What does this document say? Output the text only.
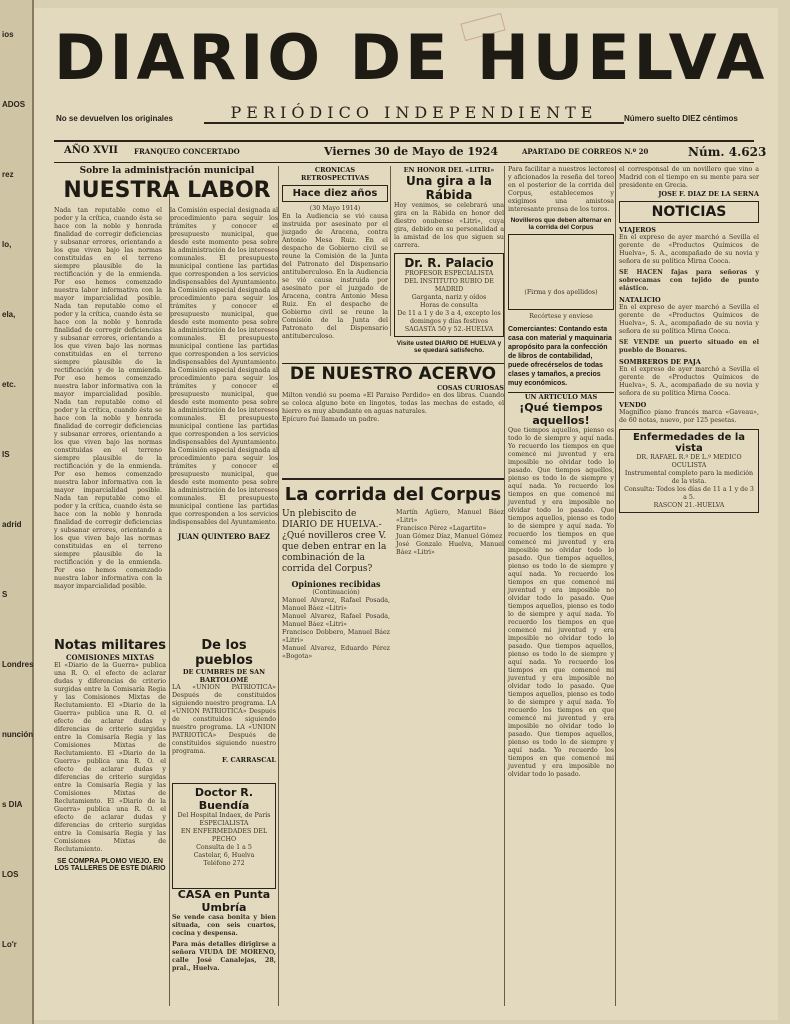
ios
ADOS
rez
lo,
ela,
etc.
IS
adrid
S
Londres
nunción
s DIA
LOS
Lo'r
DIARIO DE HUELVA
PERIÓDICO INDEPENDIENTE
No se devuelven los originales	Número suelto DIEZ céntimos
AÑO XVII FRANQUEO CONCERTADO	Viernes 30 de Mayo de 1924	APARTADO DE CORREOS N.º 20	Núm. 4.623
Sobre la administración municipal
NUESTRA LABOR
Nada tan reputable como el poder y la crítica, cuando ésta se hace con la noble y honrada finalidad de corregir deficiencias y subsanar errores, orientando a los que viven bajo las normas constituidas en el terreno siempre plausible de la rectificación y de la enmienda. Por eso hemos comenzado nuestra labor informativa con la mayor imparcialidad posible. Nada tan reputable como el poder y la crítica, cuando ésta se hace con la noble y honrada finalidad de corregir deficiencias y subsanar errores, orientando a los que viven bajo las normas constituidas en el terreno siempre plausible de la rectificación y de la enmienda. Por eso hemos comenzado nuestra labor informativa con la mayor imparcialidad posible. Nada tan reputable como el poder y la crítica, cuando ésta se hace con la noble y honrada finalidad de corregir deficiencias y subsanar errores, orientando a los que viven bajo las normas constituidas en el terreno siempre plausible de la rectificación y de la enmienda. Por eso hemos comenzado nuestra labor informativa con la mayor imparcialidad posible. Nada tan reputable como el poder y la crítica, cuando ésta se hace con la noble y honrada finalidad de corregir deficiencias y subsanar errores, orientando a los que viven bajo las normas constituidas en el terreno siempre plausible de la rectificación y de la enmienda. Por eso hemos comenzado nuestra labor informativa con la mayor imparcialidad posible.
la Comisión especial designada al procedimiento para seguir los trámites y conocer el presupuesto municipal, que desde este momento pesa sobre la administración de los intereses comunales. El presupuesto municipal contiene las partidas que corresponden a los servicios indispensables del Ayuntamiento. la Comisión especial designada al procedimiento para seguir los trámites y conocer el presupuesto municipal, que desde este momento pesa sobre la administración de los intereses comunales. El presupuesto municipal contiene las partidas que corresponden a los servicios indispensables del Ayuntamiento. la Comisión especial designada al procedimiento para seguir los trámites y conocer el presupuesto municipal, que desde este momento pesa sobre la administración de los intereses comunales. El presupuesto municipal contiene las partidas que corresponden a los servicios indispensables del Ayuntamiento. la Comisión especial designada al procedimiento para seguir los trámites y conocer el presupuesto municipal, que desde este momento pesa sobre la administración de los intereses comunales. El presupuesto municipal contiene las partidas que corresponden a los servicios indispensables del Ayuntamiento.
JUAN QUINTERO BAEZ
Notas militares
COMISIONES MIXTAS
El «Diario de la Guerra» publica una R. O. el efecto de aclarar dudas y diferencias de criterio surgidas entre la Comisaría Regia y las Comisiones Mixtas de Reclutamiento. El «Diario de la Guerra» publica una R. O. el efecto de aclarar dudas y diferencias de criterio surgidas entre la Comisaría Regia y las Comisiones Mixtas de Reclutamiento. El «Diario de la Guerra» publica una R. O. el efecto de aclarar dudas y diferencias de criterio surgidas entre la Comisaría Regia y las Comisiones Mixtas de Reclutamiento. El «Diario de la Guerra» publica una R. O. el efecto de aclarar dudas y diferencias de criterio surgidas entre la Comisaría Regia y las Comisiones Mixtas de Reclutamiento.
SE COMPRA PLOMO VIEJO. EN LOS TALLERES DE ESTE DIARIO
De los pueblos
DE CUMBRES DE SAN BARTOLOMÉ
LA «UNION PATRIOTICA» Después de constituidos siguiendo nuestro programa. LA «UNION PATRIOTICA» Después de constituidos siguiendo nuestro programa. LA «UNION PATRIOTICA» Después de constituidos siguiendo nuestro programa.
F. CARRASCAL
Doctor R. Buendía
Del Hospital Indaex, de París
ESPECIALISTA
EN ENFERMEDADES DEL PECHO
Consulta de 1 a 5
Castelar, 6, Huelva
Teléfono 272
CASA en Punta Umbría
Se vende casa bonita y bien situada, con seis cuartos, cocina y despensa.
Para más detalles dirigirse a señora VIUDA DE MORENO, calle José Canalejas, 28, pral., Huelva.
CRONICAS RETROSPECTIVAS
Hace diez años
(30 Mayo 1914)
En la Audiencia se vió causa instruida por asesinato por el juzgado de Aracena, contra Antonio Mesa Ruiz. En el despacho de Gobierno civil se reune la Comisión de la Junta del Patronato del Dispensario antituberculoso. En la Audiencia se vió causa instruida por asesinato por el juzgado de Aracena, contra Antonio Mesa Ruiz. En el despacho de Gobierno civil se reune la Comisión de la Junta del Patronato del Dispensario antituberculoso.
EN HONOR DEL «LITRI»
Una gira a la Rábida
Hoy venimos, se celebrará una gira en la Rábida en honor del diestro onubense «Litri», cuya gira, debido en su personalidad a la amistad de los que siguen su carrera.
Dr. R. Palacio
PROFESOR ESPECIALISTA DEL INSTITUTO RUBIO DE MADRID
Garganta, nariz y oídos
Horas de consulta
De 11 a 1 y de 3 a 4, excepto los domingos y días festivos
SAGASTA 50 y 52.-HUELVA
Visite usted DIARIO DE HUELVA y se quedará satisfecho.
DE NUESTRO ACERVO
COSAS CURIOSAS
Milton vendió su poema «El Paraiso Perdido» en dos libras. Cuando se coloca alguno bote en lingotes, todas las mechas de estado, el hierro es muy abundante en aguas naturales.
Epícuro fué llamado un padre.
La corrida del Corpus
Un plebiscito de DIARIO DE HUELVA.-¿Qué novilleros cree V. que deben entrar en la combinación de la corrida del Corpus?
Opiniones recibidas
(Continuación)
Manuel Alvarez, Rafael Posada, Manuel Báez «Litri»
Manuel Alvarez, Rafael Posada, Manuel Báez «Litri»
Francisco Dobbero, Manuel Báez «Litri»
Manuel Alvarez, Eduardo Pérez «Bogota»
Martín Agüero, Manuel Báez «Litri»
Francisco Pérez «Lagartito»
Juan Gómez Díaz, Manuel Gómez
José Gonzalo Huelva, Manuel Báez «Litri»
Para facilitar a nuestros lectores y aficionados la reseña del toreo en el posterior de la corrida del Corpus, establecemos y exigimos una amistosa interesante prensa de los toros.
Novilleros que deben alternar en la corrida del Corpus
(Firma y dos apellidos)
Recórtese y envíese
Comerciantes: Contando esta casa con material y maquinaria apropósito para la confección de libros de contabilidad, puede ofrecérselos de todas clases y tamaños, a precios muy económicos.
UN ARTICULO MAS
¡Qué tiempos aquellos!
Que tiempos aquellos, pienso es todo lo de siempre y aquí nada. Yo recuerdo los tiempos en que comencé mi juventud y era imposible no olvidar todo lo pasado. Que tiempos aquellos, pienso es todo lo de siempre y aquí nada. Yo recuerdo los tiempos en que comencé mi juventud y era imposible no olvidar todo lo pasado. Que tiempos aquellos, pienso es todo lo de siempre y aquí nada. Yo recuerdo los tiempos en que comencé mi juventud y era imposible no olvidar todo lo pasado. Que tiempos aquellos, pienso es todo lo de siempre y aquí nada. Yo recuerdo los tiempos en que comencé mi juventud y era imposible no olvidar todo lo pasado. Que tiempos aquellos, pienso es todo lo de siempre y aquí nada. Yo recuerdo los tiempos en que comencé mi juventud y era imposible no olvidar todo lo pasado. Que tiempos aquellos, pienso es todo lo de siempre y aquí nada. Yo recuerdo los tiempos en que comencé mi juventud y era imposible no olvidar todo lo pasado. Que tiempos aquellos, pienso es todo lo de siempre y aquí nada. Yo recuerdo los tiempos en que comencé mi juventud y era imposible no olvidar todo lo pasado. Que tiempos aquellos, pienso es todo lo de siempre y aquí nada. Yo recuerdo los tiempos en que comencé mi juventud y era imposible no olvidar todo lo pasado.
el corresponsal de un novillero que vino a Madrid con el tiempo en su mente para ser presidente en Grecia.
JOSE F. DIAZ DE LA SERNA
NOTICIAS
VIAJEROS
En el expreso de ayer marchó a Sevilla el gerente de «Productos Químicos de Huelva», S. A., acompañado de su novia y señora de su política Mirna Cooca.
SE HACEN fajas para señoras y sobrecamas con tejido de punto elástico.
NATALICIO
En el expreso de ayer marchó a Sevilla el gerente de «Productos Químicos de Huelva», S. A., acompañado de su novia y señora de su política Mirna Cooca.
SE VENDE un puerto situado en el pueblo de Bonares.
SOMBREROS DE PAJA
En el expreso de ayer marchó a Sevilla el gerente de «Productos Químicos de Huelva», S. A., acompañado de su novia y señora de su política Mirna Cooca.
VENDO
Magnífico piano francés marca «Gaveau», de 60 notas, nuevo, por 125 pesetas.
Enfermedades de la vista
DR. RAFAEL R.º DE L.º MEDICO
OCULISTA
Instrumental completo para la medición de la vista.
Consulta: Todos los días de 11 a 1 y de 3 a 5.
RASCON 21.-HUELVA
